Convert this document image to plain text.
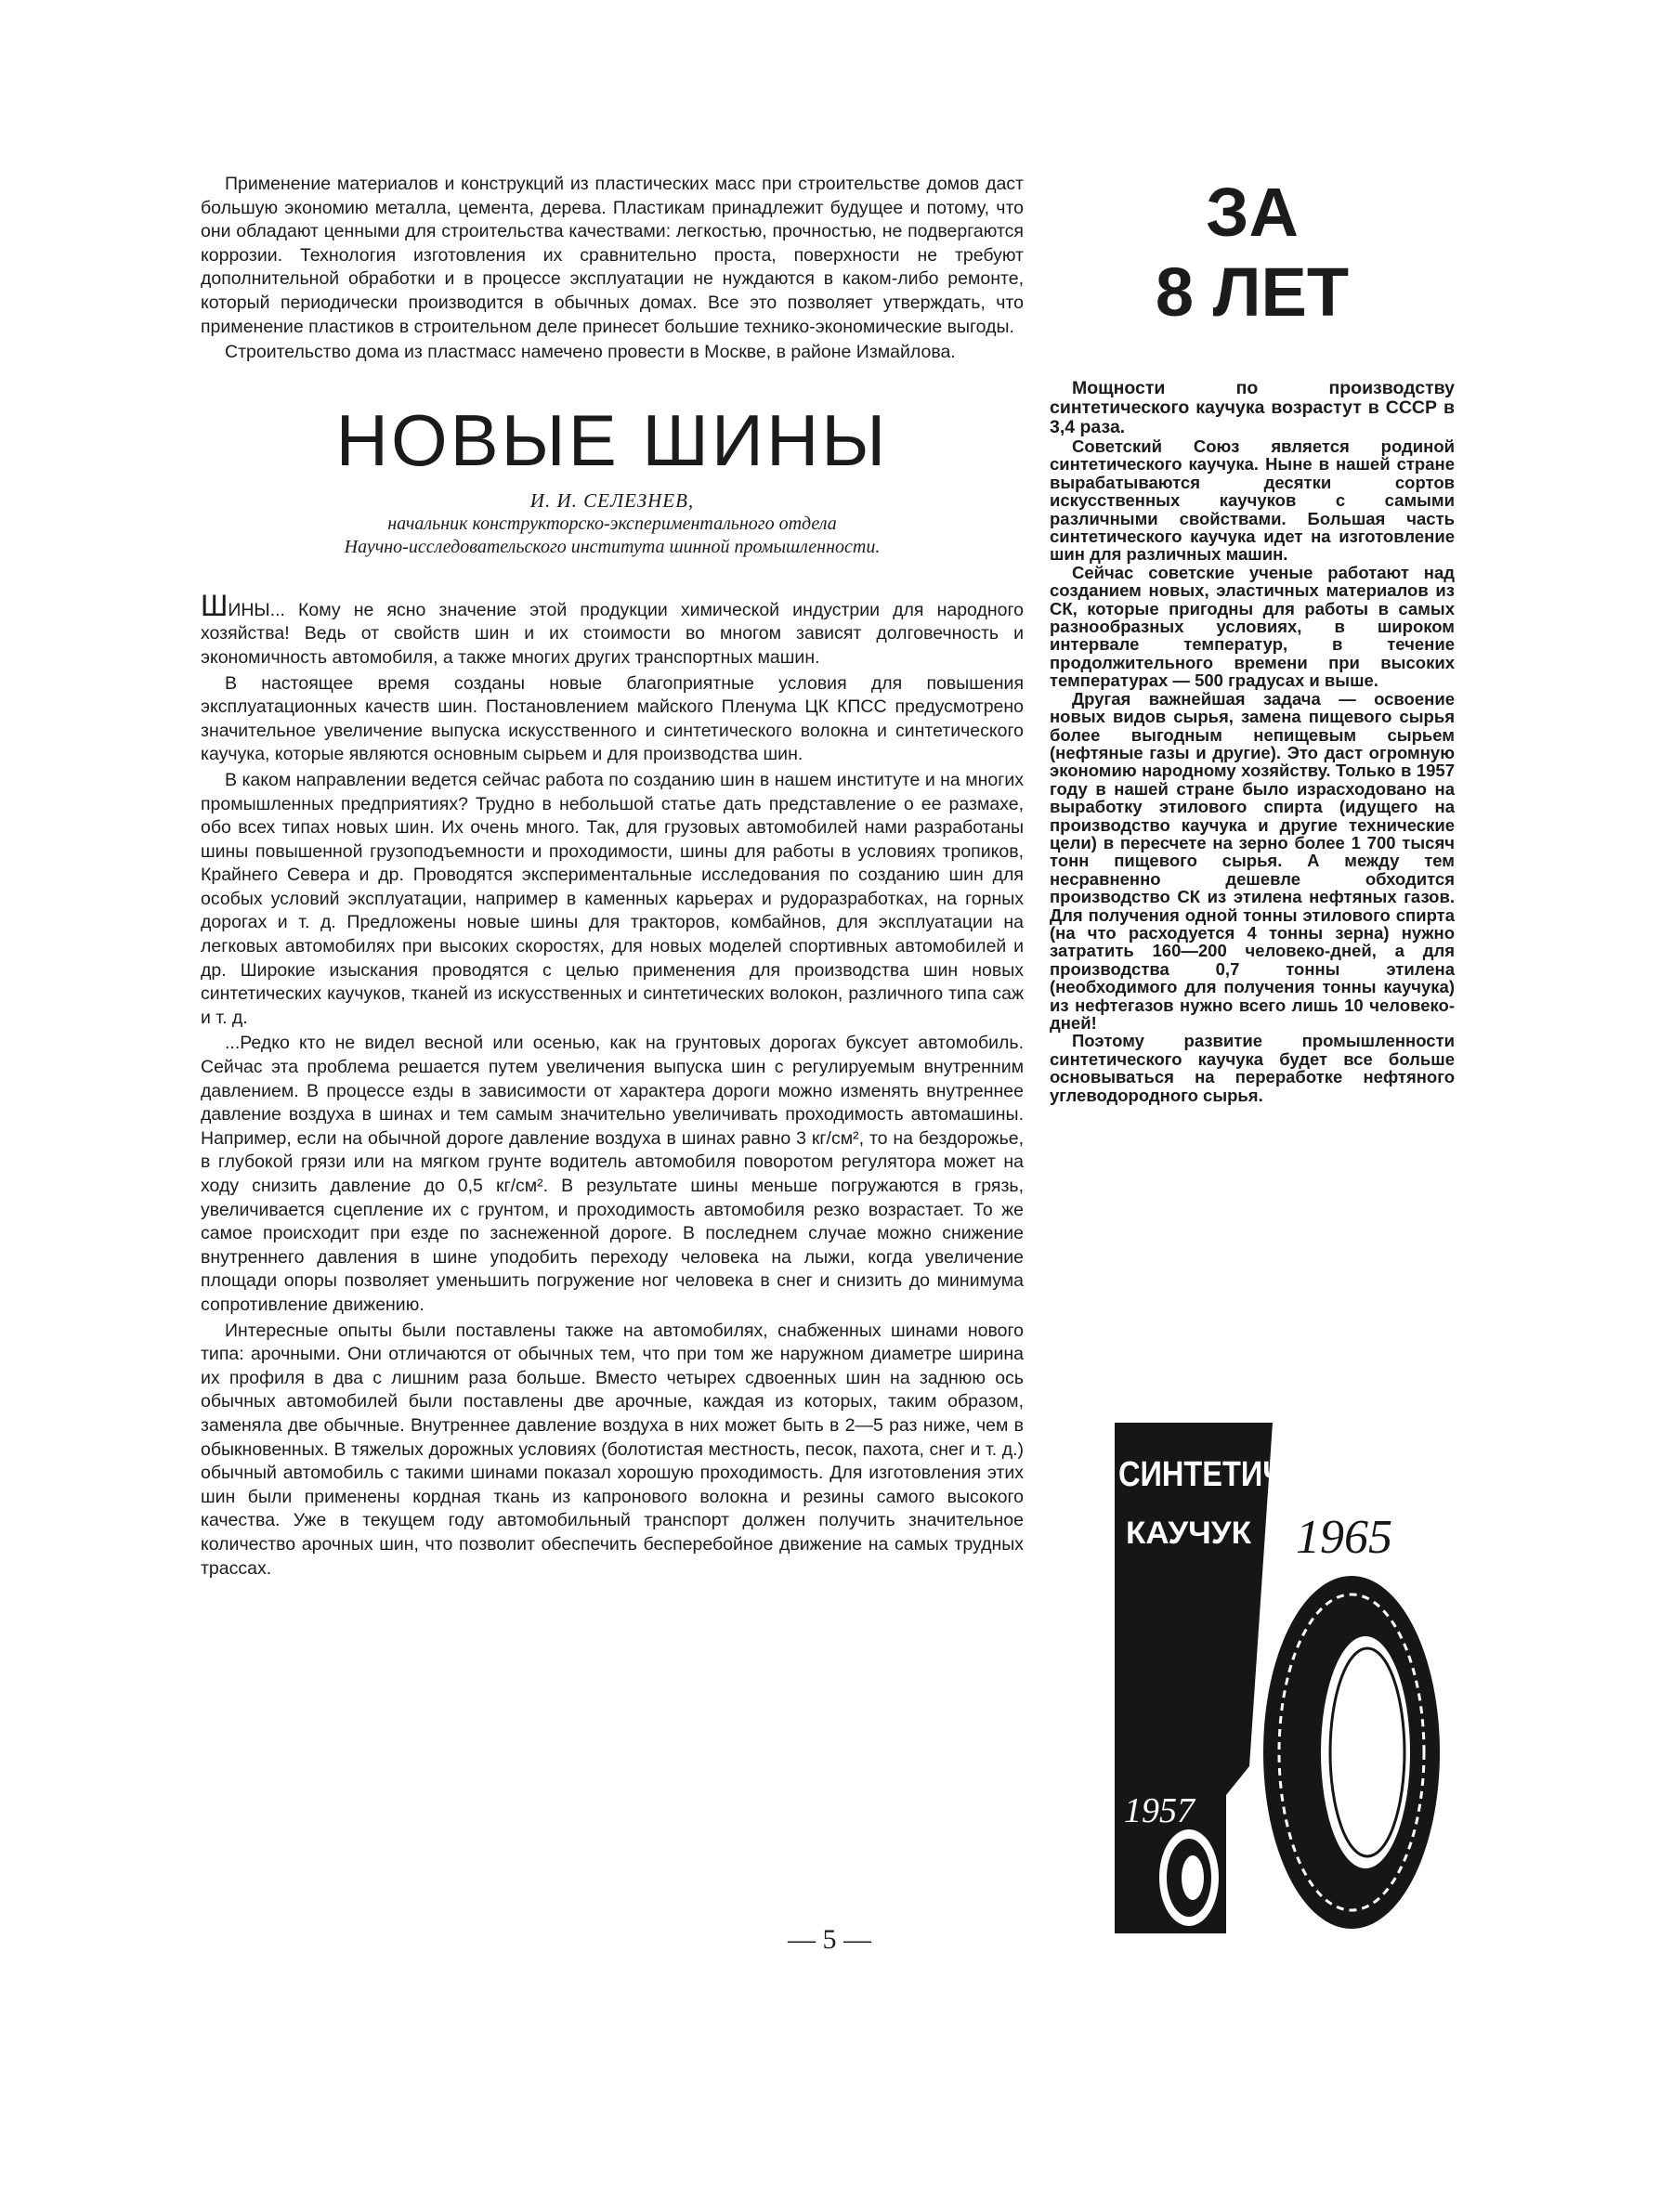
Применение материалов и конструкций из пластических масс при строительстве домов даст большую экономию металла, цемента, дерева. Пластикам принадлежит будущее и потому, что они обладают ценными для строительства качествами: легкостью, прочностью, не подвергаются коррозии. Технология изготовления их сравнительно проста, поверхности не требуют дополнительной обработки и в процессе эксплуатации не нуждаются в каком-либо ремонте, который периодически производится в обычных домах. Все это позволяет утверждать, что применение пластиков в строительном деле принесет большие технико-экономические выгоды.

Строительство дома из пластмасс намечено провести в Москве, в районе Измайлова.

НОВЫЕ ШИНЫ

И. И. СЕЛЕЗНЕВ,

начальник конструкторско-экспериментального отдела

Научно-исследовательского института шинной промышленности.

ШИНЫ... Кому не ясно значение этой продукции химической индустрии для народного хозяйства! Ведь от свойств шин и их стоимости во многом зависят долговечность и экономичность автомобиля, а также многих других транспортных машин.

В настоящее время созданы новые благоприятные условия для повышения эксплуатационных качеств шин. Постановлением майского Пленума ЦК КПСС предусмотрено значительное увеличение выпуска искусственного и синтетического волокна и синтетического каучука, которые являются основным сырьем и для производства шин.

В каком направлении ведется сейчас работа по созданию шин в нашем институте и на многих промышленных предприятиях? Трудно в небольшой статье дать представление о ее размахе, обо всех типах новых шин. Их очень много. Так, для грузовых автомобилей нами разработаны шины повышенной грузоподъемности и проходимости, шины для работы в условиях тропиков, Крайнего Севера и др. Проводятся экспериментальные исследования по созданию шин для особых условий эксплуатации, например в каменных карьерах и рудоразработках, на горных дорогах и т. д. Предложены новые шины для тракторов, комбайнов, для эксплуатации на легковых автомобилях при высоких скоростях, для новых моделей спортивных автомобилей и др. Широкие изыскания проводятся с целью применения для производства шин новых синтетических каучуков, тканей из искусственных и синтетических волокон, различного типа саж и т. д.

...Редко кто не видел весной или осенью, как на грунтовых дорогах буксует автомобиль. Сейчас эта проблема решается путем увеличения выпуска шин с регулируемым внутренним давлением. В процессе езды в зависимости от характера дороги можно изменять внутреннее давление воздуха в шинах и тем самым значительно увеличивать проходимость автомашины. Например, если на обычной дороге давление воздуха в шинах равно 3 кг/см², то на бездорожье, в глубокой грязи или на мягком грунте водитель автомобиля поворотом регулятора может на ходу снизить давление до 0,5 кг/см². В результате шины меньше погружаются в грязь, увеличивается сцепление их с грунтом, и проходимость автомобиля резко возрастает. То же самое происходит при езде по заснеженной дороге. В последнем случае можно снижение внутреннего давления в шине уподобить переходу человека на лыжи, когда увеличение площади опоры позволяет уменьшить погружение ног человека в снег и снизить до минимума сопротивление движению.

Интересные опыты были поставлены также на автомобилях, снабженных шинами нового типа: арочными. Они отличаются от обычных тем, что при том же наружном диаметре ширина их профиля в два с лишним раза больше. Вместо четырех сдвоенных шин на заднюю ось обычных автомобилей были поставлены две арочные, каждая из которых, таким образом, заменяла две обычные. Внутреннее давление воздуха в них может быть в 2—5 раз ниже, чем в обыкновенных. В тяжелых дорожных условиях (болотистая местность, песок, пахота, снег и т. д.) обычный автомобиль с такими шинами показал хорошую проходимость. Для изготовления этих шин были применены кордная ткань из капронового волокна и резины самого высокого качества. Уже в текущем году автомобильный транспорт должен получить значительное количество арочных шин, что позволит обеспечить бесперебойное движение на самых трудных трассах.

ЗА

8 ЛЕТ

Мощности по производству синтетического каучука возрастут в СССР в 3,4 раза.

Советский Союз является родиной синтетического каучука. Ныне в нашей стране вырабатываются десятки сортов искусственных каучуков с самыми различными свойствами. Большая часть синтетического каучука идет на изготовление шин для различных машин.

Сейчас советские ученые работают над созданием новых, эластичных материалов из СК, которые пригодны для работы в самых разнообразных условиях, в широком интервале температур, в течение продолжительного времени при высоких температурах — 500 градусах и выше.

Другая важнейшая задача — освоение новых видов сырья, замена пищевого сырья более выгодным непищевым сырьем (нефтяные газы и другие). Это даст огромную экономию народному хозяйству. Только в 1957 году в нашей стране было израсходовано на выработку этилового спирта (идущего на производство каучука и другие технические цели) в пересчете на зерно более 1 700 тысяч тонн пищевого сырья. А между тем несравненно дешевле обходится производство СК из этилена нефтяных газов. Для получения одной тонны этилового спирта (на что расходуется 4 тонны зерна) нужно затратить 160—200 человеко-дней, а для производства 0,7 тонны этилена (необходимого для получения тонны каучука) из нефтегазов нужно всего лишь 10 человеко-дней!

Поэтому развитие промышленности синтетического каучука будет все больше основываться на переработке нефтяного углеводородного сырья.

СИНТЕТИЧЕСКИЙ
КАУЧУК 1965
1957
— 5 —
